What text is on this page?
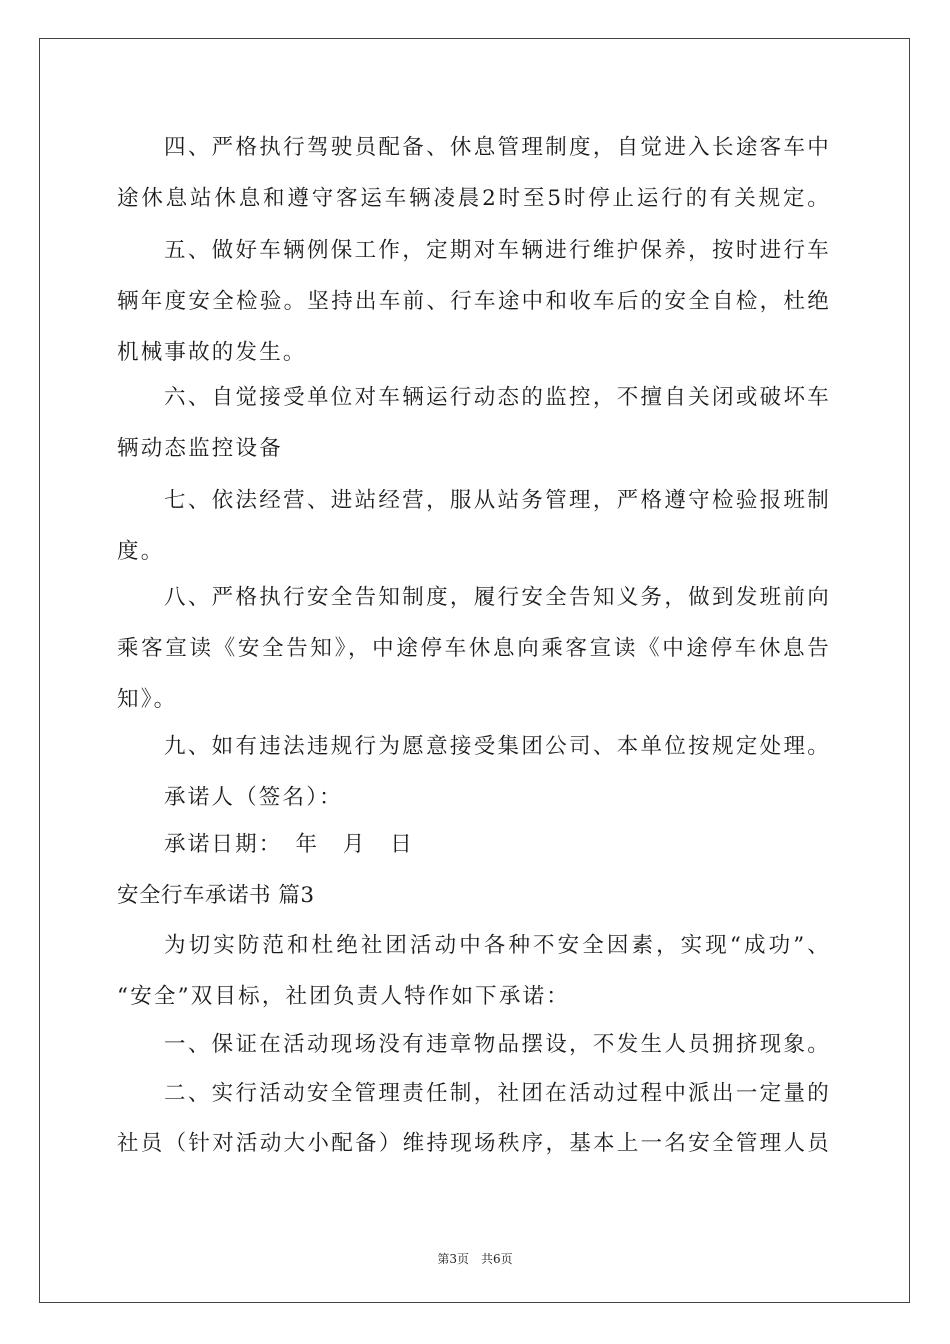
四、严格执行驾驶员配备、休息管理制度，自觉进入长途客车中
途休息站休息和遵守客运车辆凌晨2时至5时停止运行的有关规定。
五、做好车辆例保工作，定期对车辆进行维护保养，按时进行车
辆年度安全检验。坚持出车前、行车途中和收车后的安全自检，杜绝
机械事故的发生。
六、自觉接受单位对车辆运行动态的监控，不擅自关闭或破坏车
辆动态监控设备
七、依法经营、进站经营，服从站务管理，严格遵守检验报班制
度。
八、严格执行安全告知制度，履行安全告知义务，做到发班前向
乘客宣读《安全告知》，中途停车休息向乘客宣读《中途停车休息告
知》。
九、如有违法违规行为愿意接受集团公司、本单位按规定处理。
承诺人（签名）：
承诺日期：　年　月　日
安全行车承诺书 篇3
为切实防范和杜绝社团活动中各种不安全因素，实现“成功”、
“安全”双目标，社团负责人特作如下承诺：
一、保证在活动现场没有违章物品摆设，不发生人员拥挤现象。
二、实行活动安全管理责任制，社团在活动过程中派出一定量的
社员（针对活动大小配备）维持现场秩序，基本上一名安全管理人员
第3页　共6页
